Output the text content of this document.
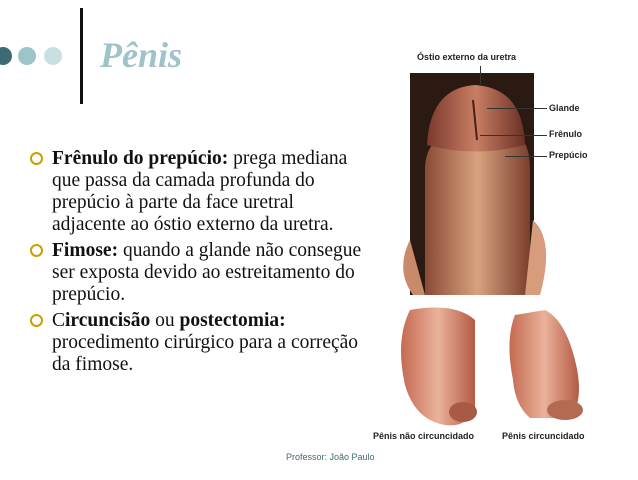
Pênis
Frênulo do prepúcio: prega mediana que passa da camada profunda do prepúcio à parte da face uretral adjacente ao óstio externo da uretra.
Fimose: quando a glande não consegue ser exposta devido ao estreitamento do prepúcio.
Circuncisão ou postectomia: procedimento cirúrgico para a correção da fimose.
Óstio externo da uretra
Glande
Frênulo
Prepúcio
Pênis não circuncidado	Pênis circuncidado
Professor: João Paulo
